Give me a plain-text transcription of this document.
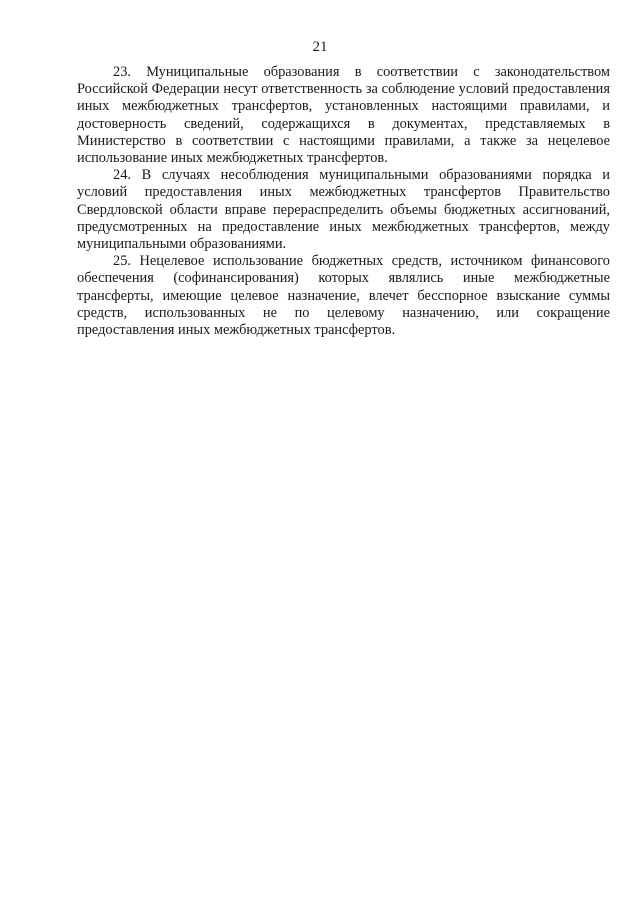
21

23. Муниципальные образования в соответствии с законодательством Российской Федерации несут ответственность за соблюдение условий предоставления иных межбюджетных трансфертов, установленных настоящими правилами, и достоверность сведений, содержащихся в документах, представляемых в Министерство в соответствии с настоящими правилами, а также за нецелевое использование иных межбюджетных трансфертов.

24. В случаях несоблюдения муниципальными образованиями порядка и условий предоставления иных межбюджетных трансфертов Правительство Свердловской области вправе перераспределить объемы бюджетных ассигнований, предусмотренных на предоставление иных межбюджетных трансфертов, между муниципальными образованиями.

25. Нецелевое использование бюджетных средств, источником финансового обеспечения (софинансирования) которых являлись иные межбюджетные трансферты, имеющие целевое назначение, влечет бесспорное взыскание суммы средств, использованных не по целевому назначению, или сокращение предоставления иных межбюджетных трансфертов.
